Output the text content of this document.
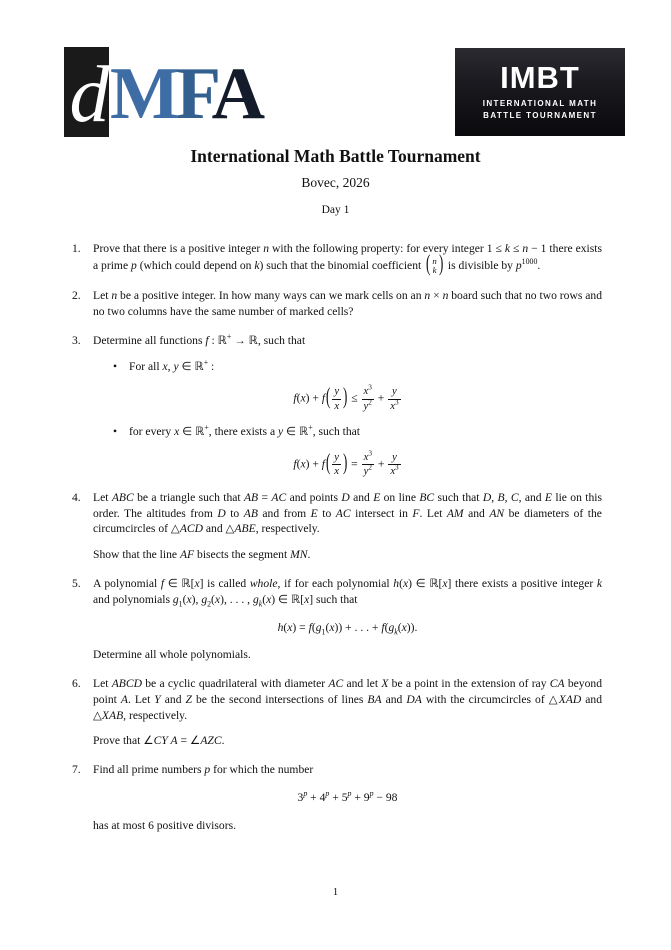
d MFA	IMBT
INTERNATIONAL MATH
BATTLE TOURNAMENT
International Math Battle Tournament
Bovec, 2026
Day 1
1.	Prove that there is a positive integer n with the following property: for every integer 1 ≤ k ≤ n − 1 there exists a prime p (which could depend on k) such that the binomial coefficient ( n
k ) is divisible by $p^{1000}$.

2.	Let n be a positive integer. In how many ways can we mark cells on an n × n board such that no two rows and no two columns have the same number of marked cells?

3.	Determine all functions f : ℝ+ → ℝ, such that

•	For all x, y ∈ ℝ+ :
$f(x) + f( \frac{y}{x}$ ) ≤ $\frac{x^3}{y^2} + \frac{y}{x^3}$
•	for every x ∈ ℝ+, there exists a y ∈ ℝ+, such that
$f(x) + f( \frac{y}{x}$ ) = $\frac{x^3}{y^2} + \frac{y}{x^3}$
4.	Let ABC be a triangle such that AB = AC and points D and E on line BC such that D, B, C, and E lie on this order. The altitudes from D to AB and from E to AC intersect in F. Let AM and AN be diameters of the circumcircles of △ACD and △ABE, respectively.

Show that the line AF bisects the segment MN.

5.	A polynomial f ∈ ℝ[x] is called whole, if for each polynomial h(x) ∈ ℝ[x] there exists a positive integer k and polynomials $g_1(x)$, $g_2(x)$, . . . , $g_k(x)$ ∈ ℝ[x] such that

$h(x) = f(g_1(x))$ + . . . + $f(g_k(x))$.

Determine all whole polynomials.

6.	Let ABCD be a cyclic quadrilateral with diameter AC and let X be a point in the extension of ray CA beyond point A. Let Y and Z be the second intersections of lines BA and DA with the circumcircles of △XAD and △XAB, respectively.

Prove that ∠CY A = ∠AZC.

7.	Find all prime numbers p for which the number

$3^p + 4^p + 5^p + 9^p - 98$

has at most 6 positive divisors.

1
